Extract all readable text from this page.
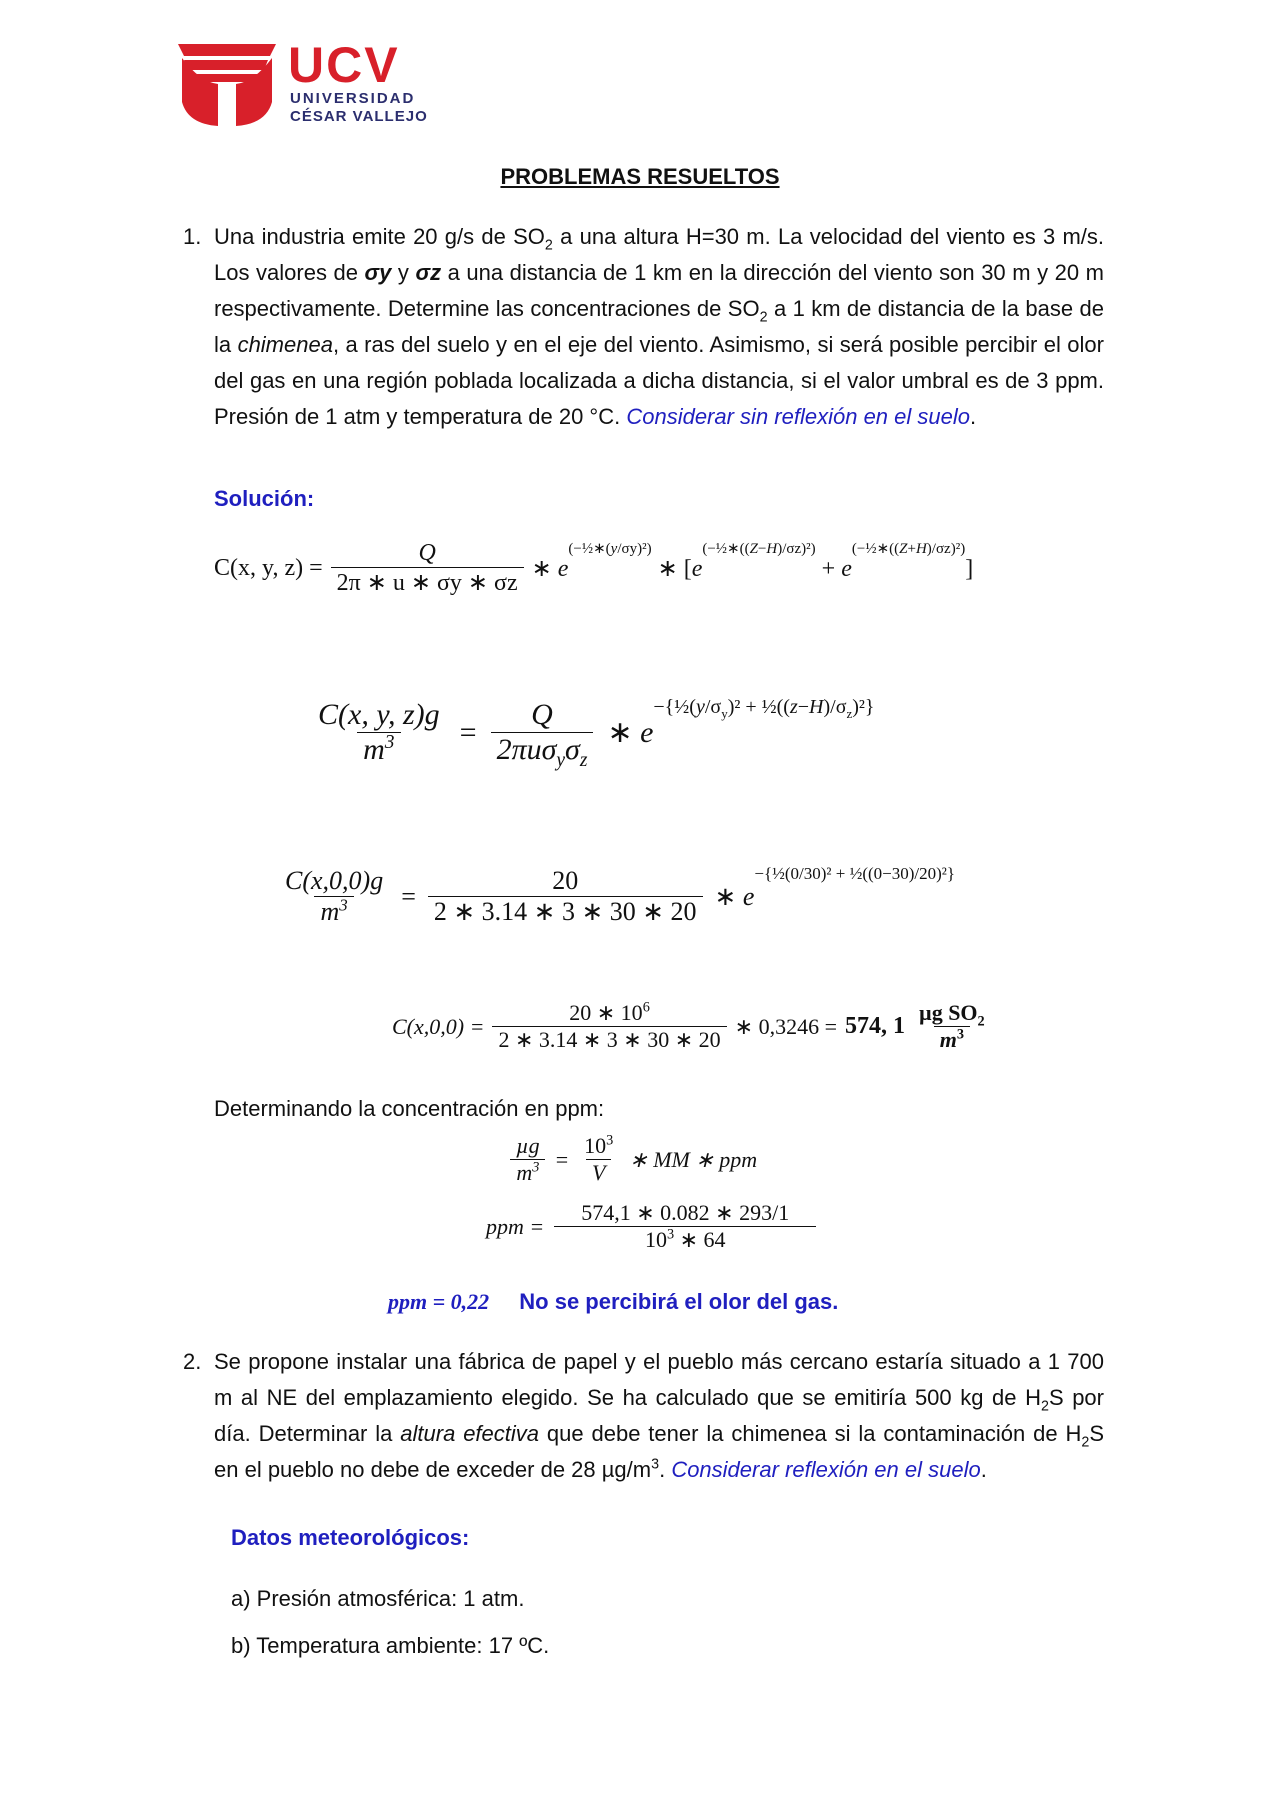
UCV
UNIVERSIDAD
CÉSAR VALLEJO
PROBLEMAS RESUELTOS
1. Una industria emite 20 g/s de $SO_2$ a una altura H=30 m. La velocidad del viento es 3 m/s. Los valores de σy y σz a una distancia de 1 km en la dirección del viento son 30 m y 20 m respectivamente. Determine las concentraciones de $SO_2$ a 1 km de distancia de la base de la chimenea, a ras del suelo y en el eje del viento. Asimismo, si será posible percibir el olor del gas en una región poblada localizada a dicha distancia, si el valor umbral es de 3 ppm. Presión de 1 atm y temperatura de 20 °C. Considerar sin reflexión en el suelo.
Solución:
C(x, y, $z) = \frac{Q}{2\pi ∗ u ∗ \sigma y ∗ \sigma z}$ ∗ $e^{(-\frac{1}{2}∗(y/\sigma y)^2)}$ ∗ $[e^{(-\frac{1}{2}∗((Z-H)/\sigma z)^2)} + e^{(-\frac{1}{2}∗((Z+H)/\sigma z)^2)}]$
$\frac{C(x, y, z)g}{m^3} = \frac{Q}{2\pi u\sigma_y\sigma_z}$ ∗ $e^{-\{\frac{1}{2}(y/\sigma_y)^2 + \frac{1}{2}((z-H)/\sigma_z)^2\}}$
$\frac{C(x,0,0)g}{m^3} = \frac{20}{2 ∗ 3.14 ∗ 3 ∗ 30 ∗ 20}$ ∗ $e^{-\{\frac{1}{2}(0/30)^2 + \frac{1}{2}((0-30)/20)^2\}}$
$C(x,0,0) = \frac{20 ∗ 10^6}{2 ∗ 3.14 ∗ 3 ∗ 30 ∗ 20}$ ∗ 0,3246 = 574, $1 \frac{\mu g SO_2}{m^3}$
Determinando la concentración en ppm:
$\frac{\text{µg}}{m^3} = \frac{10^3}{V}$ ∗ MM ∗ ppm
ppm = $\frac{574,1 ∗ 0.082 ∗ 293/1}{10^3 ∗ 64}$
ppm = 0,22 No se percibirá el olor del gas.
2. Se propone instalar una fábrica de papel y el pueblo más cercano estaría situado a 1 700 m al NE del emplazamiento elegido. Se ha calculado que se emitiría 500 kg de $H_2S$ por día. Determinar la altura efectiva que debe tener la chimenea si la contaminación de $H_2S$ en el pueblo no debe de exceder de 28 $\mu g/m^3$. Considerar reflexión en el suelo.
Datos meteorológicos:
a) Presión atmosférica: 1 atm.
b) Temperatura ambiente: 17 ºC.
